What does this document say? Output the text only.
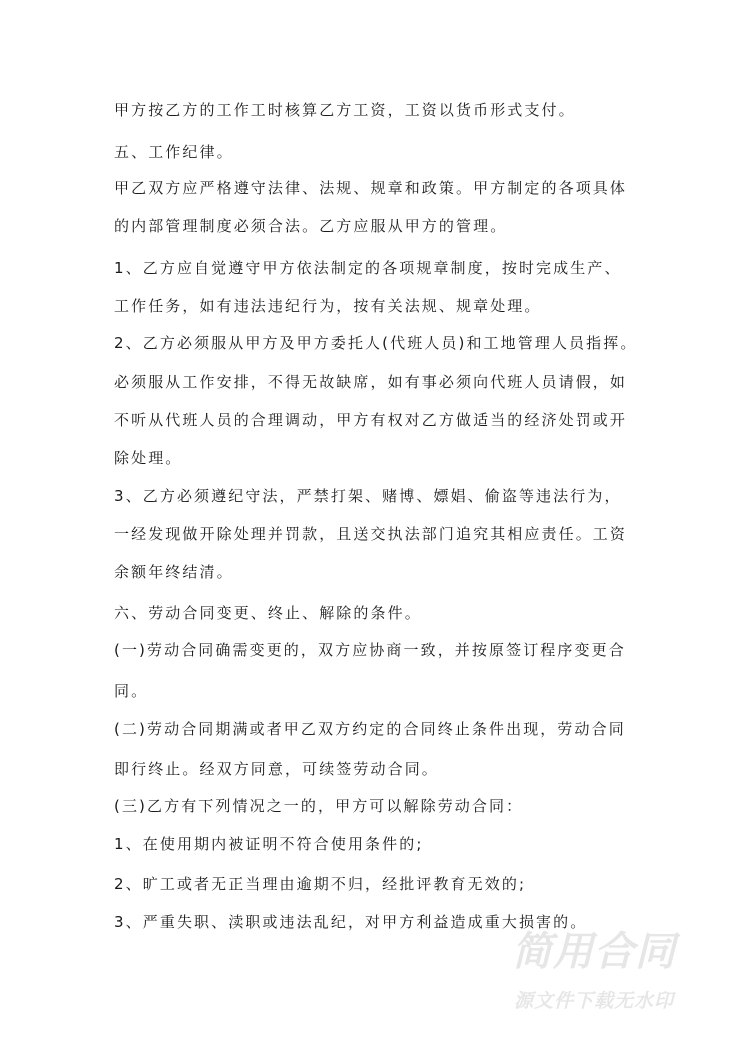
甲方按乙方的工作工时核算乙方工资，工资以货币形式支付。
五、工作纪律。
甲乙双方应严格遵守法律、法规、规章和政策。甲方制定的各项具体
的内部管理制度必须合法。乙方应服从甲方的管理。
1、乙方应自觉遵守甲方依法制定的各项规章制度，按时完成生产、
工作任务，如有违法违纪行为，按有关法规、规章处理。
2、乙方必须服从甲方及甲方委托人(代班人员)和工地管理人员指挥。
必须服从工作安排，不得无故缺席，如有事必须向代班人员请假，如
不听从代班人员的合理调动，甲方有权对乙方做适当的经济处罚或开
除处理。
3、乙方必须遵纪守法，严禁打架、赌博、嫖娼、偷盗等违法行为，
一经发现做开除处理并罚款，且送交执法部门追究其相应责任。工资
余额年终结清。
六、劳动合同变更、终止、解除的条件。
(一)劳动合同确需变更的，双方应协商一致，并按原签订程序变更合
同。
(二)劳动合同期满或者甲乙双方约定的合同终止条件出现，劳动合同
即行终止。经双方同意，可续签劳动合同。
(三)乙方有下列情况之一的，甲方可以解除劳动合同：
1、在使用期内被证明不符合使用条件的;
2、旷工或者无正当理由逾期不归，经批评教育无效的;
3、严重失职、渎职或违法乱纪，对甲方利益造成重大损害的。
简用合同
源文件下载无水印
